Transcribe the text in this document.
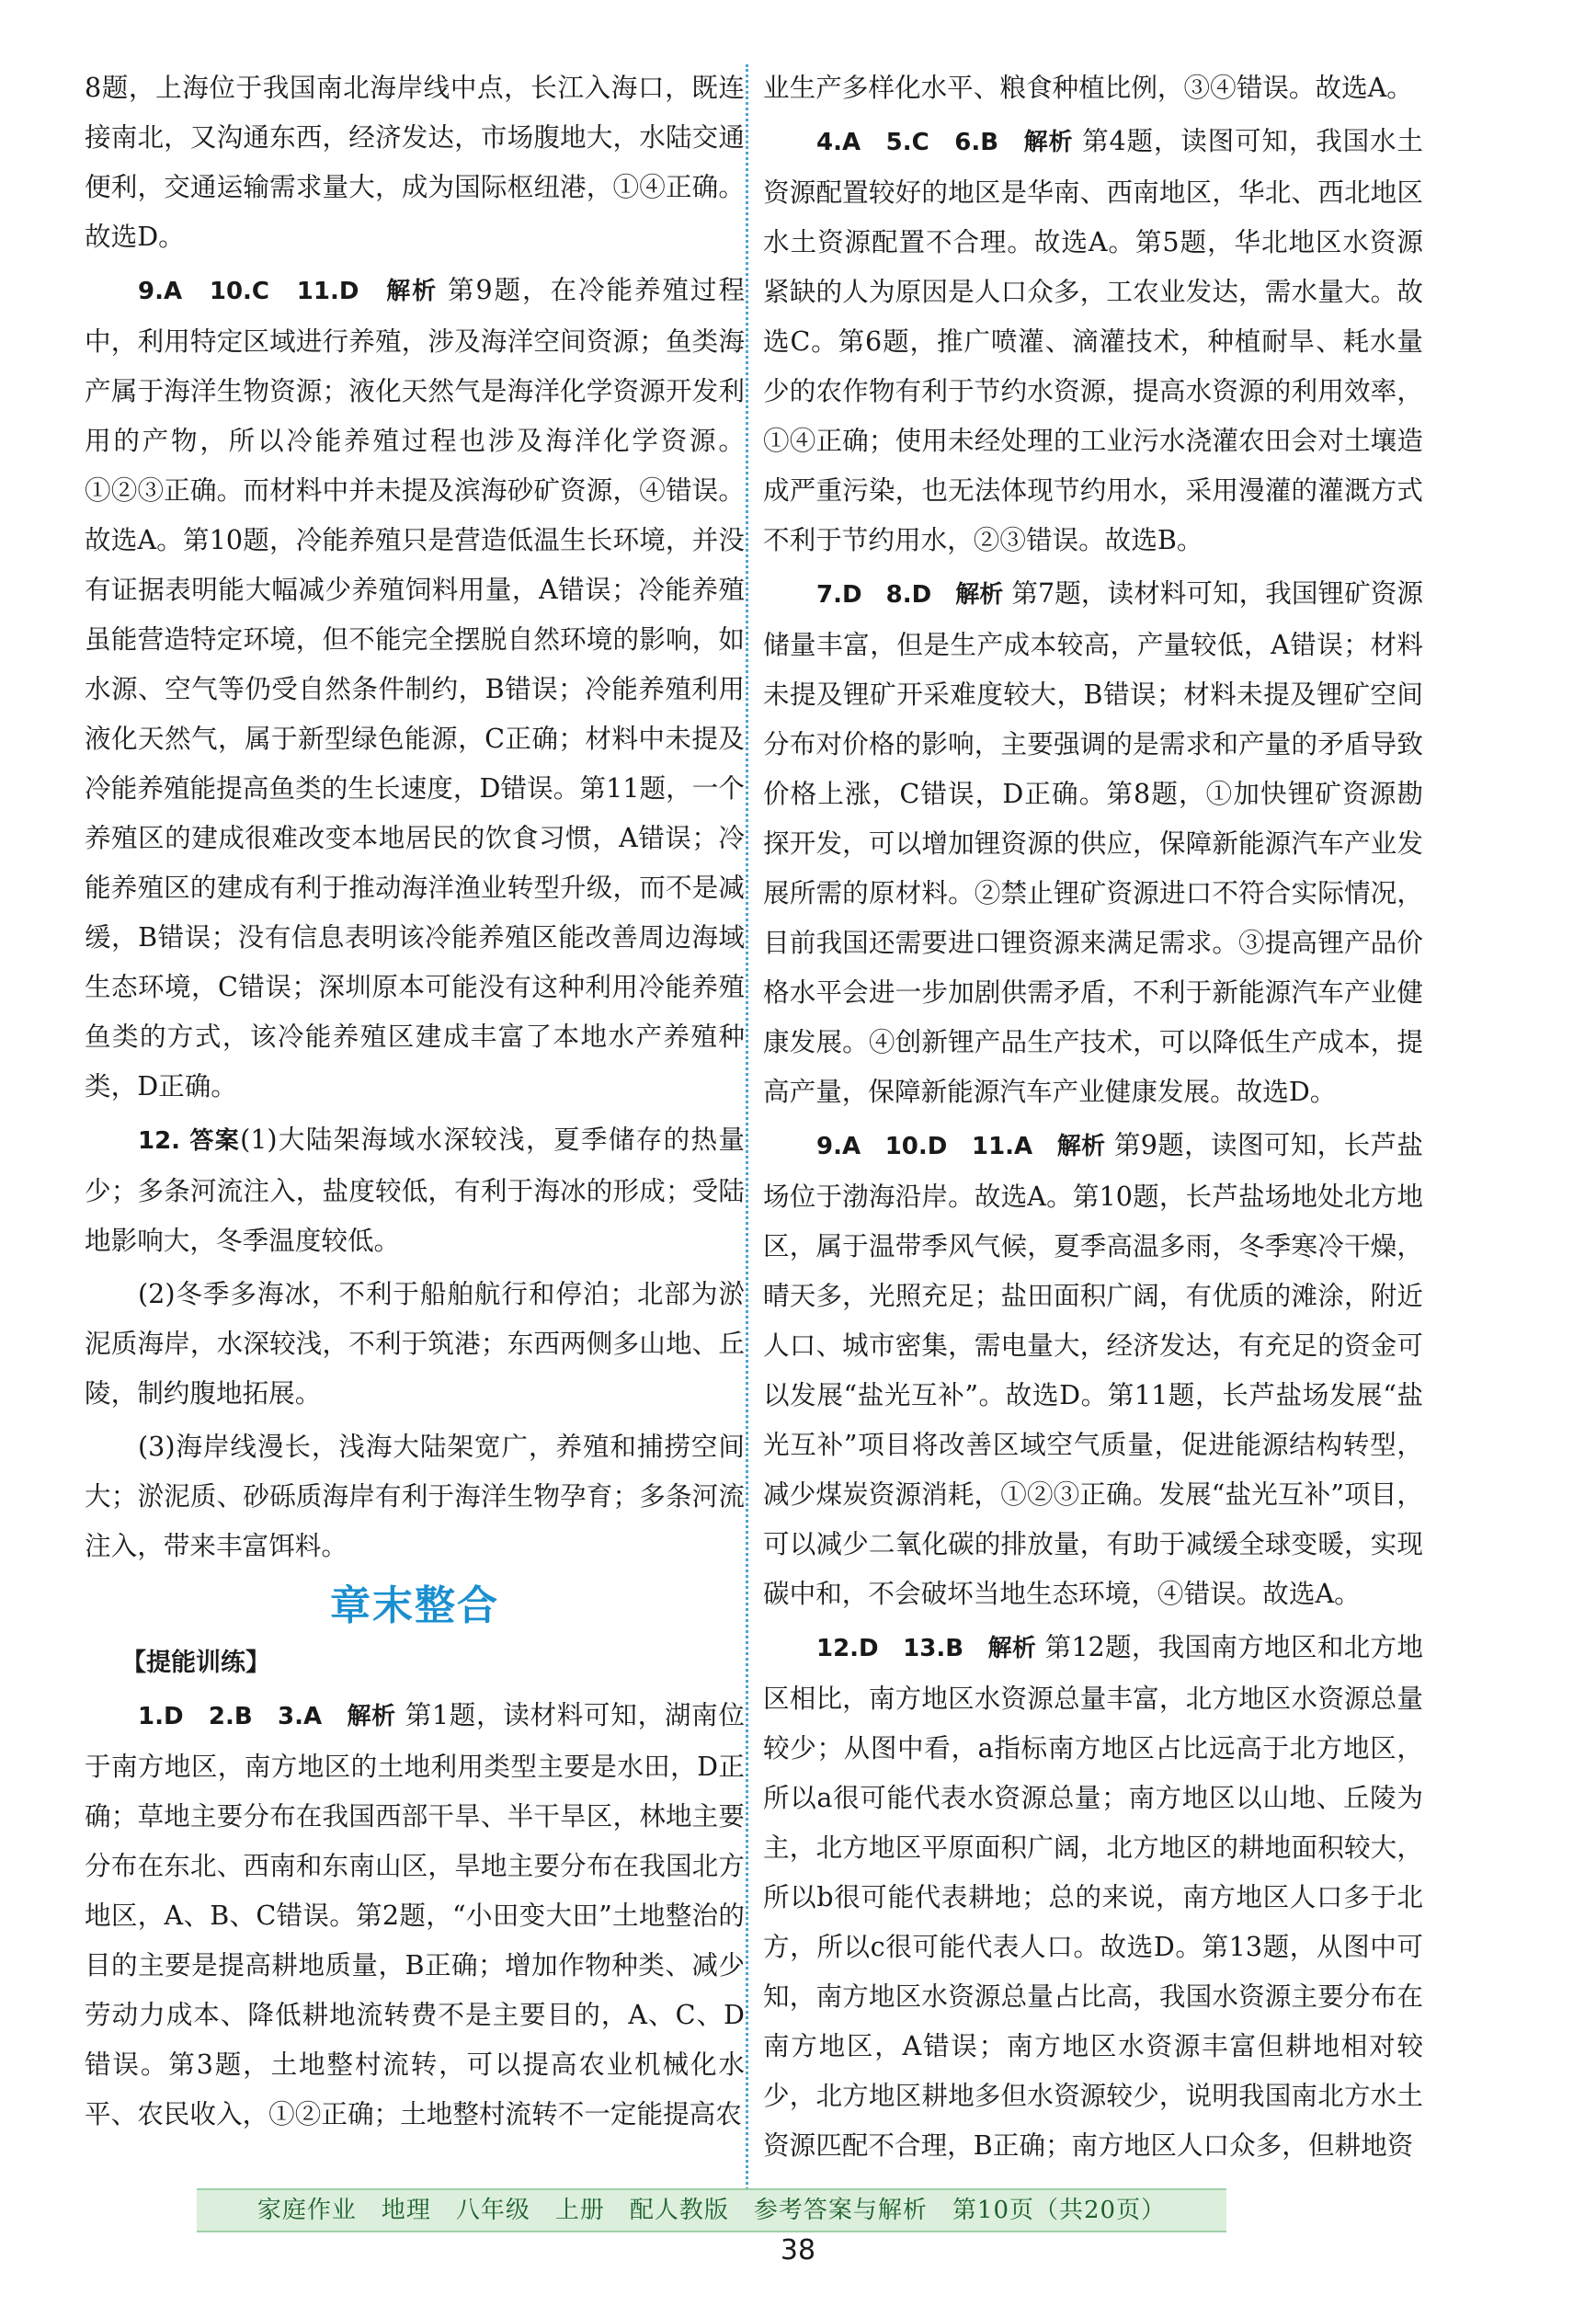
8题，上海位于我国南北海岸线中点，长江入海口，既连接南北，又沟通东西，经济发达，市场腹地大，水陆交通便利，交通运输需求量大，成为国际枢纽港，①④正确。故选D。

9.A　10.C　11.D　解析 第9题，在冷能养殖过程中，利用特定区域进行养殖，涉及海洋空间资源；鱼类海产属于海洋生物资源；液化天然气是海洋化学资源开发利用的产物，所以冷能养殖过程也涉及海洋化学资源。①②③正确。而材料中并未提及滨海砂矿资源，④错误。故选A。第10题，冷能养殖只是营造低温生长环境，并没有证据表明能大幅减少养殖饲料用量，A错误；冷能养殖虽能营造特定环境，但不能完全摆脱自然环境的影响，如水源、空气等仍受自然条件制约，B错误；冷能养殖利用液化天然气，属于新型绿色能源，C正确；材料中未提及冷能养殖能提高鱼类的生长速度，D错误。第11题，一个养殖区的建成很难改变本地居民的饮食习惯，A错误；冷能养殖区的建成有利于推动海洋渔业转型升级，而不是减缓，B错误；没有信息表明该冷能养殖区能改善周边海域生态环境，C错误；深圳原本可能没有这种利用冷能养殖鱼类的方式，该冷能养殖区建成丰富了本地水产养殖种类，D正确。

12. 答案(1)大陆架海域水深较浅，夏季储存的热量少；多条河流注入，盐度较低，有利于海冰的形成；受陆地影响大，冬季温度较低。

(2)冬季多海冰，不利于船舶航行和停泊；北部为淤泥质海岸，水深较浅，不利于筑港；东西两侧多山地、丘陵，制约腹地拓展。

(3)海岸线漫长，浅海大陆架宽广，养殖和捕捞空间大；淤泥质、砂砾质海岸有利于海洋生物孕育；多条河流注入，带来丰富饵料。

章末整合
【提能训练】

1.D　2.B　3.A　解析 第1题，读材料可知，湖南位于南方地区，南方地区的土地利用类型主要是水田，D正确；草地主要分布在我国西部干旱、半干旱区，林地主要分布在东北、西南和东南山区，旱地主要分布在我国北方地区，A、B、C错误。第2题，“小田变大田”土地整治的目的主要是提高耕地质量，B正确；增加作物种类、减少劳动力成本、降低耕地流转费不是主要目的，A、C、D错误。第3题，土地整村流转，可以提高农业机械化水平、农民收入，①②正确；土地整村流转不一定能提高农

业生产多样化水平、粮食种植比例，③④错误。故选A。

4.A　5.C　6.B　解析 第4题，读图可知，我国水土资源配置较好的地区是华南、西南地区，华北、西北地区水土资源配置不合理。故选A。第5题，华北地区水资源紧缺的人为原因是人口众多，工农业发达，需水量大。故选C。第6题，推广喷灌、滴灌技术，种植耐旱、耗水量少的农作物有利于节约水资源，提高水资源的利用效率，①④正确；使用未经处理的工业污水浇灌农田会对土壤造成严重污染，也无法体现节约用水，采用漫灌的灌溉方式不利于节约用水，②③错误。故选B。

7.D　8.D　解析 第7题，读材料可知，我国锂矿资源储量丰富，但是生产成本较高，产量较低，A错误；材料未提及锂矿开采难度较大，B错误；材料未提及锂矿空间分布对价格的影响，主要强调的是需求和产量的矛盾导致价格上涨，C错误，D正确。第8题，①加快锂矿资源勘探开发，可以增加锂资源的供应，保障新能源汽车产业发展所需的原材料。②禁止锂矿资源进口不符合实际情况，目前我国还需要进口锂资源来满足需求。③提高锂产品价格水平会进一步加剧供需矛盾，不利于新能源汽车产业健康发展。④创新锂产品生产技术，可以降低生产成本，提高产量，保障新能源汽车产业健康发展。故选D。

9.A　10.D　11.A　解析 第9题，读图可知，长芦盐场位于渤海沿岸。故选A。第10题，长芦盐场地处北方地区，属于温带季风气候，夏季高温多雨，冬季寒冷干燥，晴天多，光照充足；盐田面积广阔，有优质的滩涂，附近人口、城市密集，需电量大，经济发达，有充足的资金可以发展“盐光互补”。故选D。第11题，长芦盐场发展“盐光互补”项目将改善区域空气质量，促进能源结构转型，减少煤炭资源消耗，①②③正确。发展“盐光互补”项目，可以减少二氧化碳的排放量，有助于减缓全球变暖，实现碳中和，不会破坏当地生态环境，④错误。故选A。

12.D　13.B　解析 第12题，我国南方地区和北方地区相比，南方地区水资源总量丰富，北方地区水资源总量较少；从图中看，a指标南方地区占比远高于北方地区，所以a很可能代表水资源总量；南方地区以山地、丘陵为主，北方地区平原面积广阔，北方地区的耕地面积较大，所以b很可能代表耕地；总的来说，南方地区人口多于北方，所以c很可能代表人口。故选D。第13题，从图中可知，南方地区水资源总量占比高，我国水资源主要分布在南方地区，A错误；南方地区水资源丰富但耕地相对较少，北方地区耕地多但水资源较少，说明我国南北方水土资源匹配不合理，B正确；南方地区人口众多，但耕地资

家庭作业　地理　八年级　上册　配人教版　参考答案与解析　第10页（共20页）
38
